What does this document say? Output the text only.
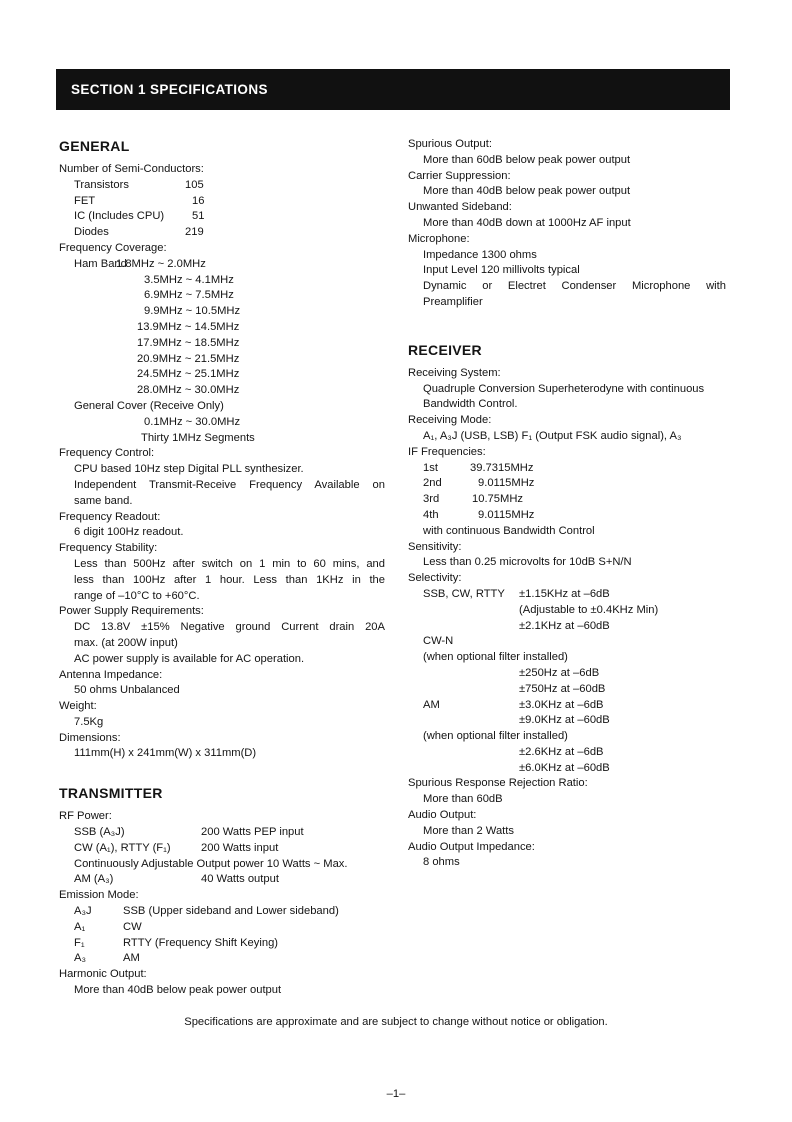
SECTION 1 SPECIFICATIONS
GENERAL
Number of Semi-Conductors:
Transistors	105
FET	16
IC (Includes CPU) 51
Diodes	219
Frequency Coverage:
Ham Band
1.8MHz ~ 2.0MHz
3.5MHz ~ 4.1MHz
6.9MHz ~ 7.5MHz
9.9MHz ~ 10.5MHz
13.9MHz ~ 14.5MHz
17.9MHz ~ 18.5MHz
20.9MHz ~ 21.5MHz
24.5MHz ~ 25.1MHz
28.0MHz ~ 30.0MHz
General Cover (Receive Only)
0.1MHz ~ 30.0MHz
Thirty 1MHz Segments
Frequency Control:
CPU based 10Hz step Digital PLL synthesizer.
Independent Transmit-Receive Frequency Available on
same band.
Frequency Readout:
6 digit 100Hz readout.
Frequency Stability:
Less than 500Hz after switch on 1 min to 60 mins, and
less than 100Hz after 1 hour. Less than 1KHz in the
range of –10°C to +60°C.
Power Supply Requirements:
DC 13.8V ±15% Negative ground Current drain 20A
max. (at 200W input)
AC power supply is available for AC operation.
Antenna Impedance:
50 ohms Unbalanced
Weight:
7.5Kg
Dimensions:
111mm(H) x 241mm(W) x 311mm(D)
TRANSMITTER
RF Power:
SSB (A₃J)	200 Watts PEP input
CW (A₁), RTTY (F₁)	200 Watts input
Continuously Adjustable Output power 10 Watts ~ Max.
AM (A₃)	40 Watts output
Emission Mode:
A₃J	SSB (Upper sideband and Lower sideband)
A₁	CW
F₁	RTTY (Frequency Shift Keying)
A₃	AM
Harmonic Output:
More than 40dB below peak power output
Spurious Output:
More than 60dB below peak power output
Carrier Suppression:
More than 40dB below peak power output
Unwanted Sideband:
More than 40dB down at 1000Hz AF input
Microphone:
Impedance 1300 ohms
Input Level 120 millivolts typical
Dynamic or Electret Condenser Microphone with
Preamplifier
RECEIVER
Receiving System:
Quadruple Conversion Superheterodyne with continuous
Bandwidth Control.
Receiving Mode:
A₁, A₃J (USB, LSB) F₁ (Output FSK audio signal), A₃
IF Frequencies:
1st	39.7315MHz
2nd	9.0115MHz
3rd	10.75MHz
4th	9.0115MHz
with continuous Bandwidth Control
Sensitivity:
Less than 0.25 microvolts for 10dB S+N/N
Selectivity:
SSB, CW, RTTY ±1.15KHz at –6dB
(Adjustable to ±0.4KHz Min)
±2.1KHz at –60dB
CW-N
(when optional filter installed)
±250Hz at –6dB
±750Hz at –60dB
AM	±3.0KHz at –6dB
±9.0KHz at –60dB
(when optional filter installed)
±2.6KHz at –6dB
±6.0KHz at –60dB
Spurious Response Rejection Ratio:
More than 60dB
Audio Output:
More than 2 Watts
Audio Output Impedance:
8 ohms
Specifications are approximate and are subject to change without notice or obligation.
–1–
